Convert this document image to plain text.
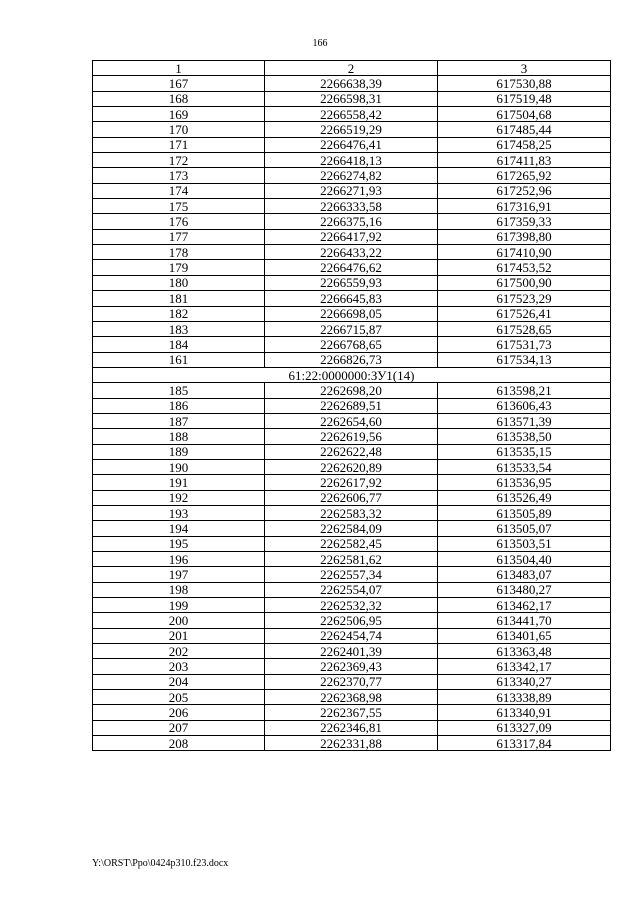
166
1	2	3
167	2266638,39	617530,88
168	2266598,31	617519,48
169	2266558,42	617504,68
170	2266519,29	617485,44
171	2266476,41	617458,25
172	2266418,13	617411,83
173	2266274,82	617265,92
174	2266271,93	617252,96
175	2266333,58	617316,91
176	2266375,16	617359,33
177	2266417,92	617398,80
178	2266433,22	617410,90
179	2266476,62	617453,52
180	2266559,93	617500,90
181	2266645,83	617523,29
182	2266698,05	617526,41
183	2266715,87	617528,65
184	2266768,65	617531,73
161	2266826,73	617534,13
61:22:0000000:ЗУ1(14)		
185	2262698,20	613598,21
186	2262689,51	613606,43
187	2262654,60	613571,39
188	2262619,56	613538,50
189	2262622,48	613535,15
190	2262620,89	613533,54
191	2262617,92	613536,95
192	2262606,77	613526,49
193	2262583,32	613505,89
194	2262584,09	613505,07
195	2262582,45	613503,51
196	2262581,62	613504,40
197	2262557,34	613483,07
198	2262554,07	613480,27
199	2262532,32	613462,17
200	2262506,95	613441,70
201	2262454,74	613401,65
202	2262401,39	613363,48
203	2262369,43	613342,17
204	2262370,77	613340,27
205	2262368,98	613338,89
206	2262367,55	613340,91
207	2262346,81	613327,09
208	2262331,88	613317,84
Y:\ORST\Ppo\0424p310.f23.docx
